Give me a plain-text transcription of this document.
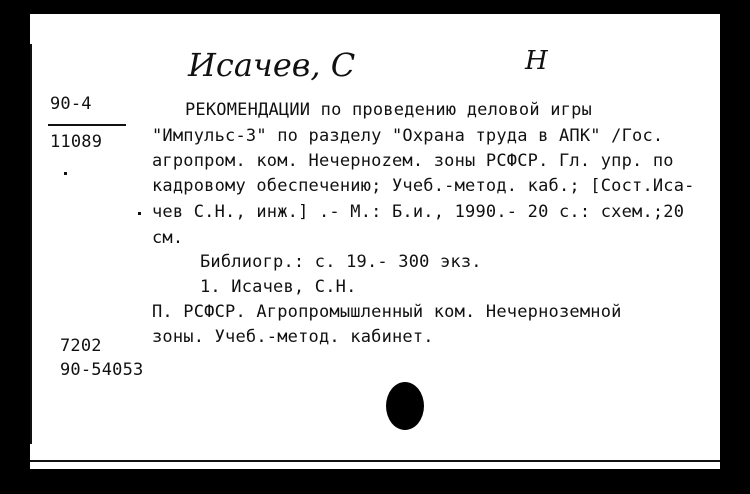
Исачев, С	Н
90-4
11089
РЕКОМЕНДАЦИИ по проведению деловой игры
"Импульс-3" по разделу "Охрана труда в АПК" /Гос.
агропром. ком. Нечерноzем. зоны РСФСР. Гл. упр. по
кадровому обеспечению; Учеб.-метод. каб.; [Сост.Иса-
чев С.Н., инж.] .- М.: Б.и., 1990.- 20 с.: схем.;20
см.
Библиогр.: с. 19.- 300 экз.
1. Исачев, С.Н.
П. РСФСР. Агропромышленный ком. Нечерноземной
зоны. Учеб.-метод. кабинет.
7202
90-54053
